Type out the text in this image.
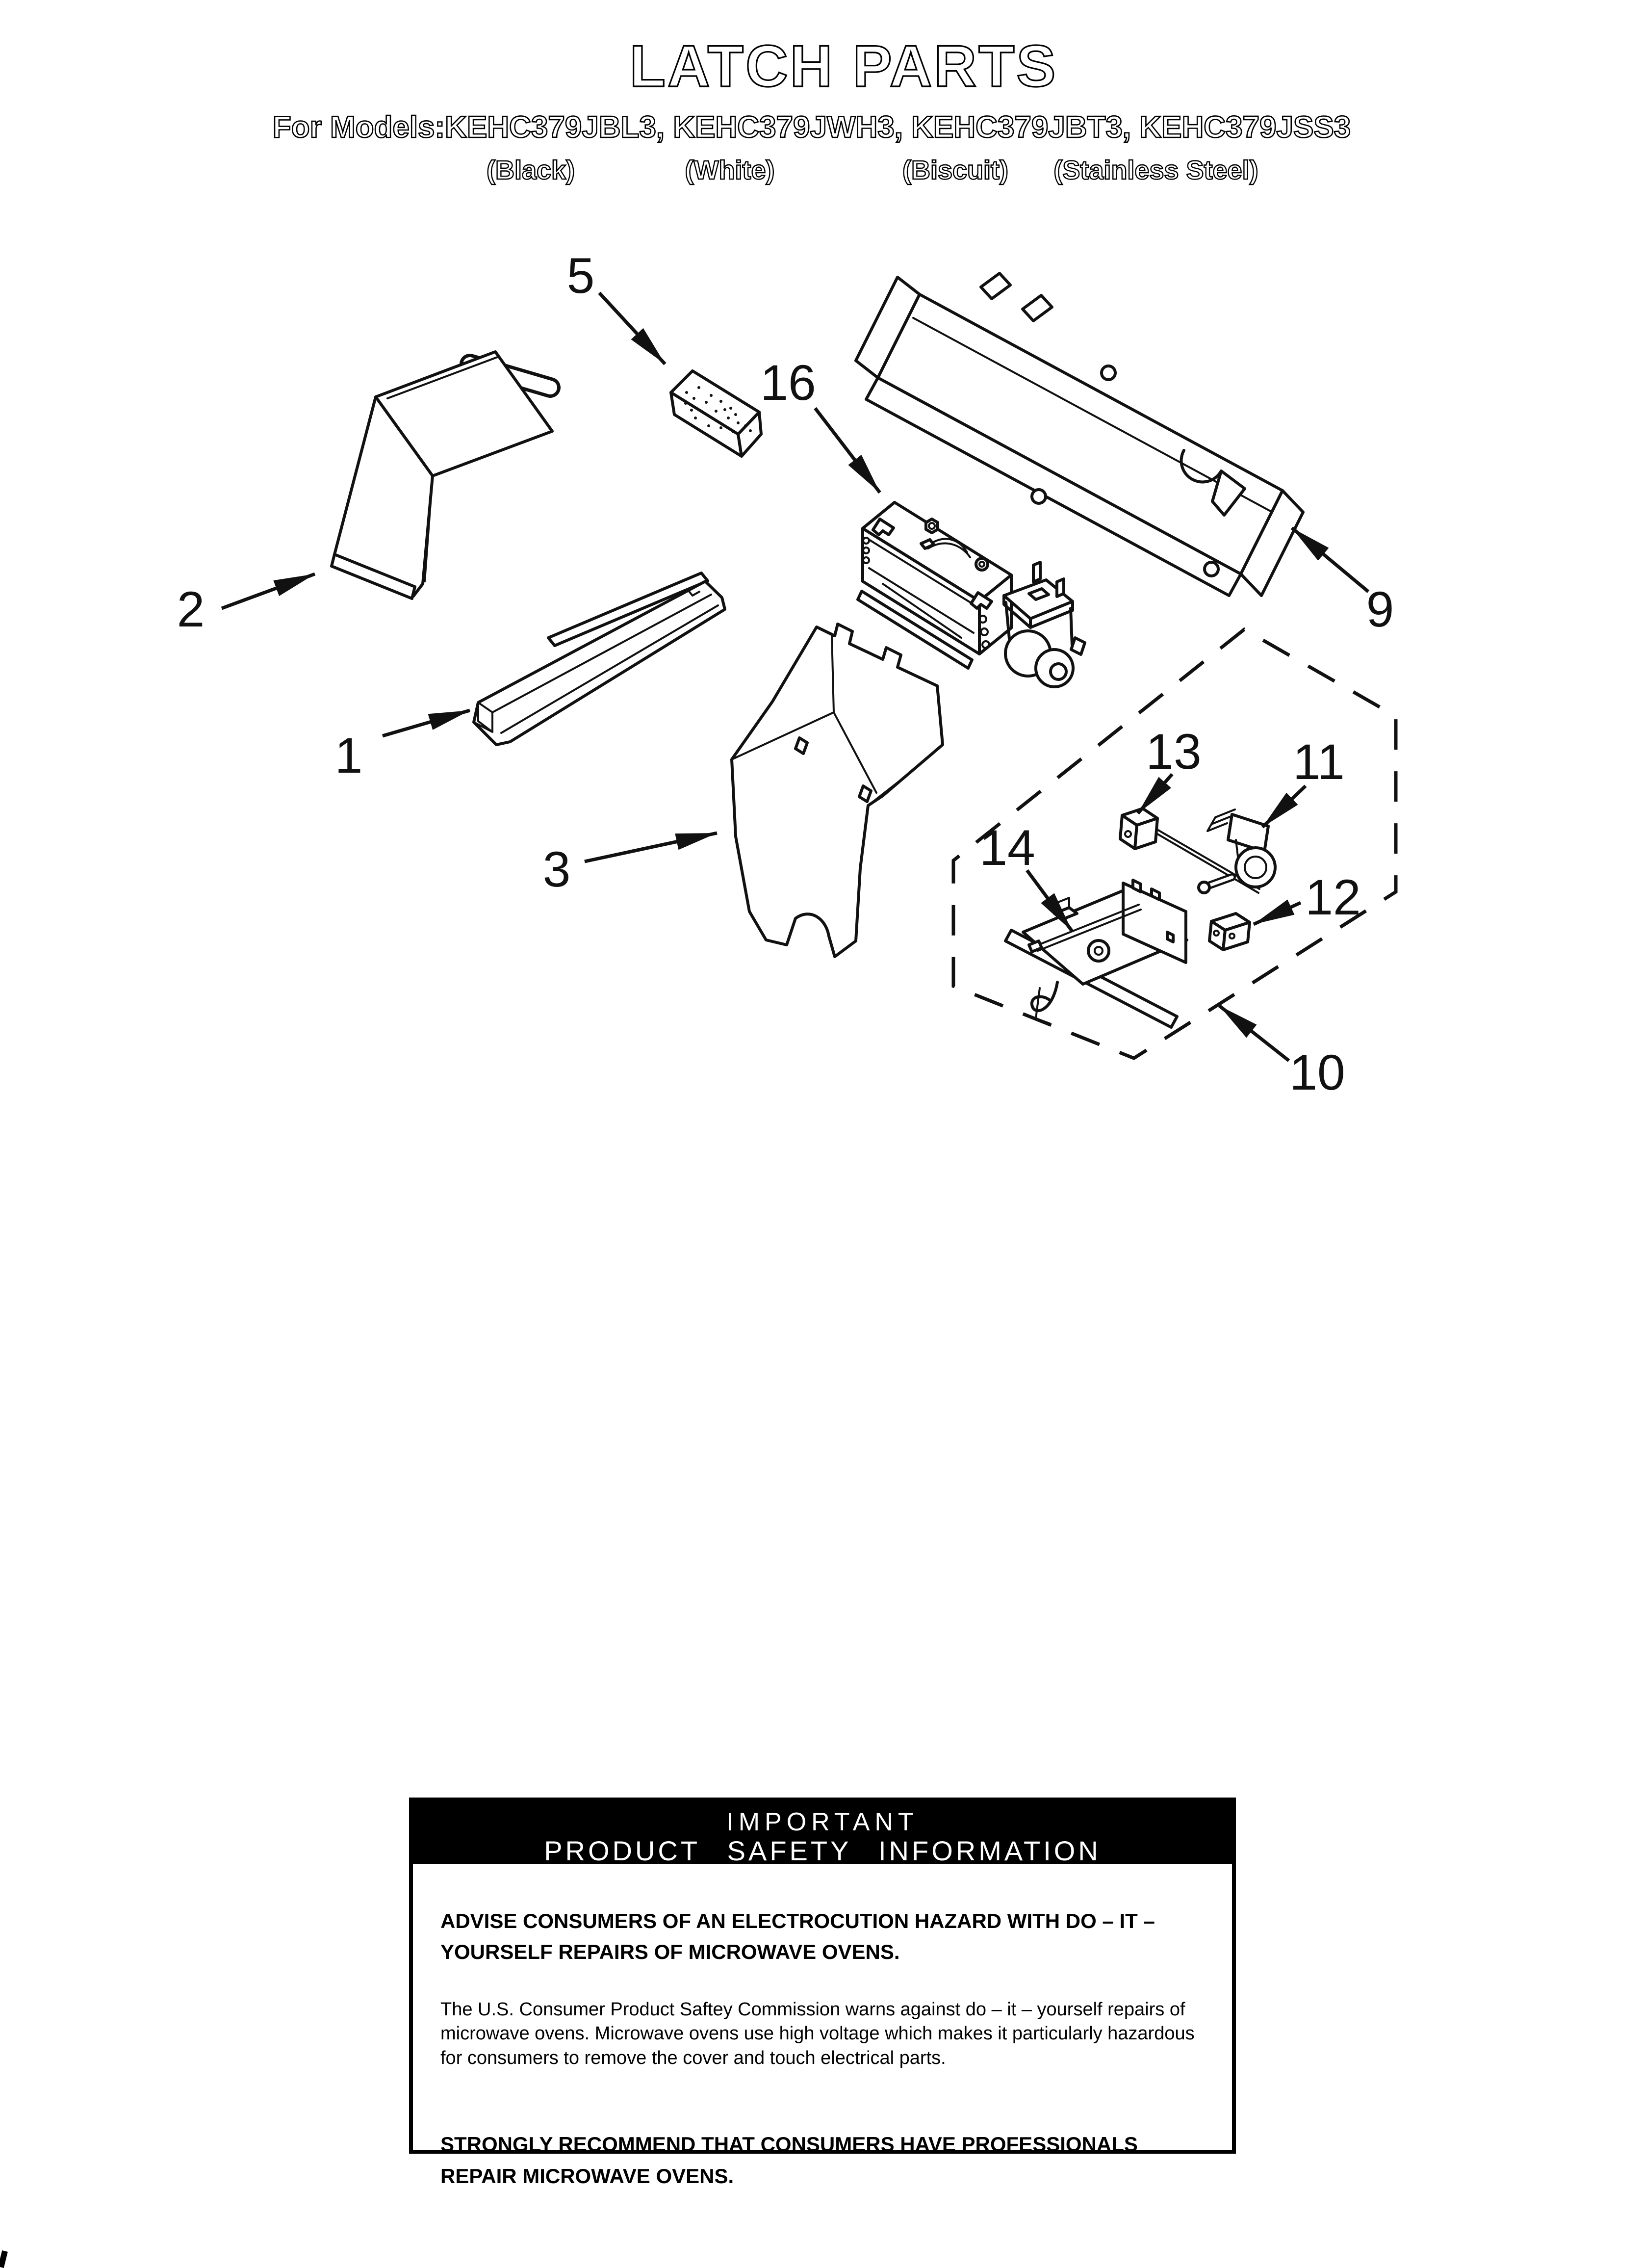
LATCH PARTS
For Models:KEHC379JBL3, KEHC379JWH3, KEHC379JBT3, KEHC379JSS3
(Black)	(White)	(Biscuit) (Stainless Steel)
1
2
3
5
9
10
11
12
13
14
16
IMPORTANT
PRODUCT SAFETY INFORMATION

ADVISE CONSUMERS OF AN ELECTROCUTION HAZARD WITH DO – IT – YOURSELF REPAIRS OF MICROWAVE OVENS.

The U.S. Consumer Product Saftey Commission warns against do – it – yourself repairs of microwave ovens. Microwave ovens use high voltage which makes it particularly hazardous for consumers to remove the cover and touch electrical parts.

STRONGLY RECOMMEND THAT CONSUMERS HAVE PROFESSIONALS REPAIR MICROWAVE OVENS.
